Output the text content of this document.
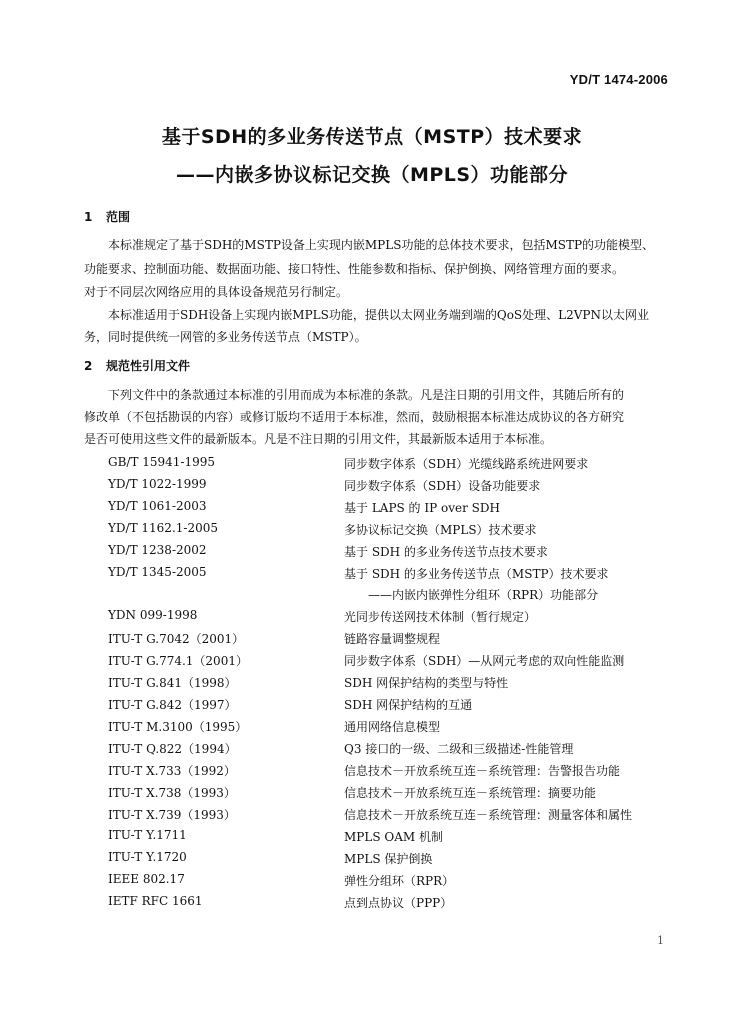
YD/T 1474-2006
基于SDH的多业务传送节点（MSTP）技术要求
——内嵌多协议标记交换（MPLS）功能部分
1 范围
本标准规定了基于SDH的MSTP设备上实现内嵌MPLS功能的总体技术要求，包括MSTP的功能模型、
功能要求、控制面功能、数据面功能、接口特性、性能参数和指标、保护倒换、网络管理方面的要求。
对于不同层次网络应用的具体设备规范另行制定。
本标准适用于SDH设备上实现内嵌MPLS功能，提供以太网业务端到端的QoS处理、L2VPN以太网业
务，同时提供统一网管的多业务传送节点（MSTP）。
2 规范性引用文件
下列文件中的条款通过本标准的引用而成为本标准的条款。凡是注日期的引用文件，其随后所有的
修改单（不包括勘误的内容）或修订版均不适用于本标准，然而，鼓励根据本标准达成协议的各方研究
是否可使用这些文件的最新版本。凡是不注日期的引用文件，其最新版本适用于本标准。
GB/T 15941-1995	同步数字体系（SDH）光缆线路系统进网要求
YD/T 1022-1999	同步数字体系（SDH）设备功能要求
YD/T 1061-2003	基于 LAPS 的 IP over SDH
YD/T 1162.1-2005	多协议标记交换（MPLS）技术要求
YD/T 1238-2002	基于 SDH 的多业务传送节点技术要求
YD/T 1345-2005	基于 SDH 的多业务传送节点（MSTP）技术要求
——内嵌内嵌弹性分组环（RPR）功能部分
YDN 099-1998	光同步传送网技术体制（暂行规定）
ITU-T G.7042（2001）	链路容量调整规程
ITU-T G.774.1（2001）	同步数字体系（SDH）—从网元考虑的双向性能监测
ITU-T G.841（1998）	SDH 网保护结构的类型与特性
ITU-T G.842（1997）	SDH 网保护结构的互通
ITU-T M.3100（1995）	通用网络信息模型
ITU-T Q.822（1994）	Q3 接口的一级、二级和三级描述-性能管理
ITU-T X.733（1992）	信息技术－开放系统互连－系统管理：告警报告功能
ITU-T X.738（1993）	信息技术－开放系统互连－系统管理：摘要功能
ITU-T X.739（1993）	信息技术－开放系统互连－系统管理：测量客体和属性
ITU-T Y.1711	MPLS OAM 机制
ITU-T Y.1720	MPLS 保护倒换
IEEE 802.17	弹性分组环（RPR）
IETF RFC 1661	点到点协议（PPP）
1
